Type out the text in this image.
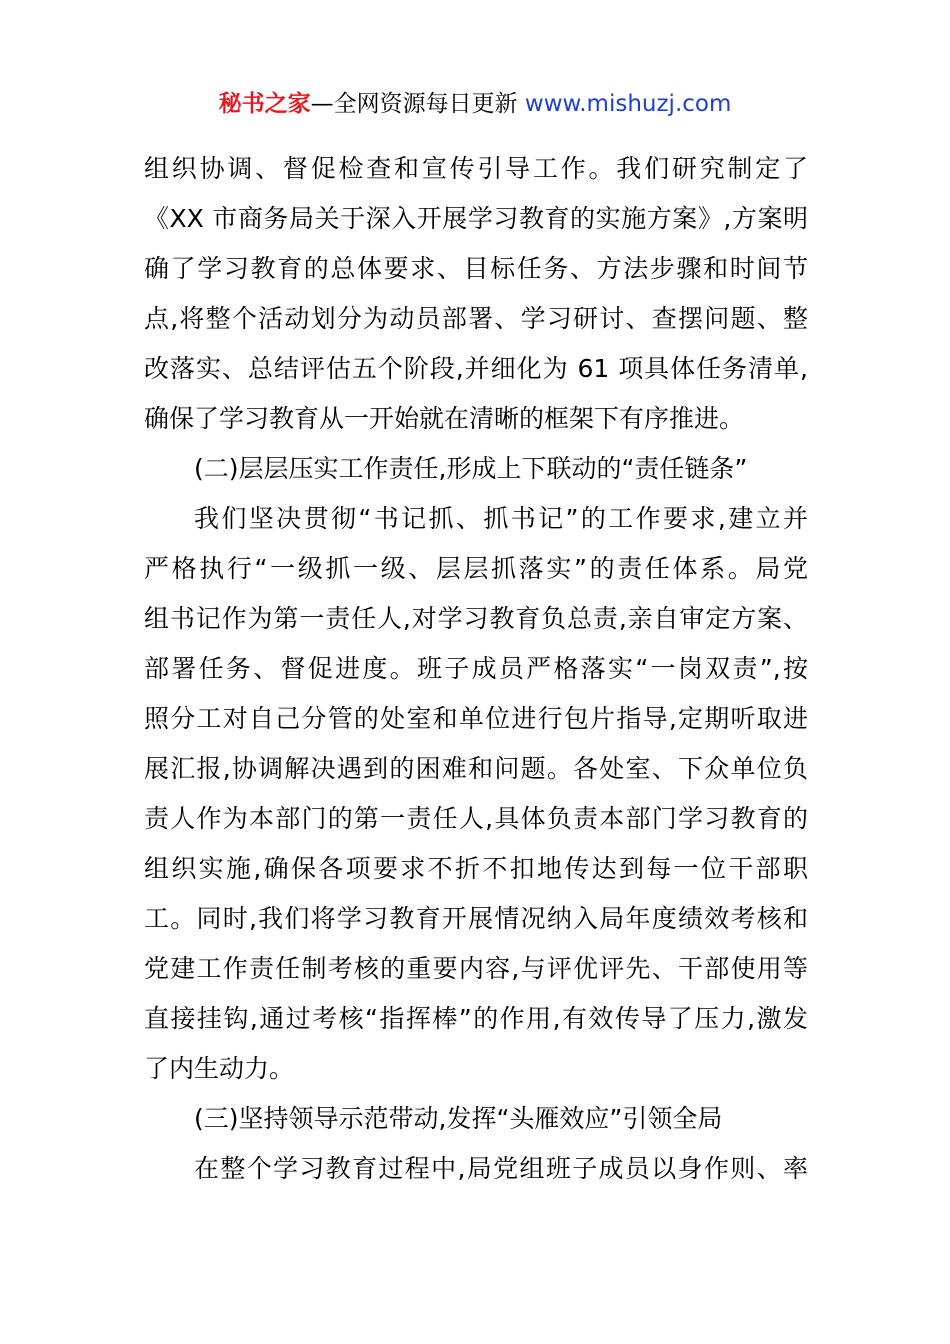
秘书之家—全网资源每日更新 www.mishuzj.com
组织协调、督促检查和宣传引导工作。我们研究制定了
《XX 市商务局关于深入开展学习教育的实施方案》,方案明
确了学习教育的总体要求、目标任务、方法步骤和时间节
点,将整个活动划分为动员部署、学习研讨、查摆问题、整
改落实、总结评估五个阶段,并细化为 61 项具体任务清单,
确保了学习教育从一开始就在清晰的框架下有序推进。
(二)层层压实工作责任,形成上下联动的“责任链条”
我们坚决贯彻“书记抓、抓书记”的工作要求,建立并
严格执行“一级抓一级、层层抓落实”的责任体系。局党
组书记作为第一责任人,对学习教育负总责,亲自审定方案、
部署任务、督促进度。班子成员严格落实“一岗双责”,按
照分工对自己分管的处室和单位进行包片指导,定期听取进
展汇报,协调解决遇到的困难和问题。各处室、下众单位负
责人作为本部门的第一责任人,具体负责本部门学习教育的
组织实施,确保各项要求不折不扣地传达到每一位干部职
工。同时,我们将学习教育开展情况纳入局年度绩效考核和
党建工作责任制考核的重要内容,与评优评先、干部使用等
直接挂钩,通过考核“指挥棒”的作用,有效传导了压力,激发
了内生动力。
(三)坚持领导示范带动,发挥“头雁效应”引领全局
在整个学习教育过程中,局党组班子成员以身作则、率
